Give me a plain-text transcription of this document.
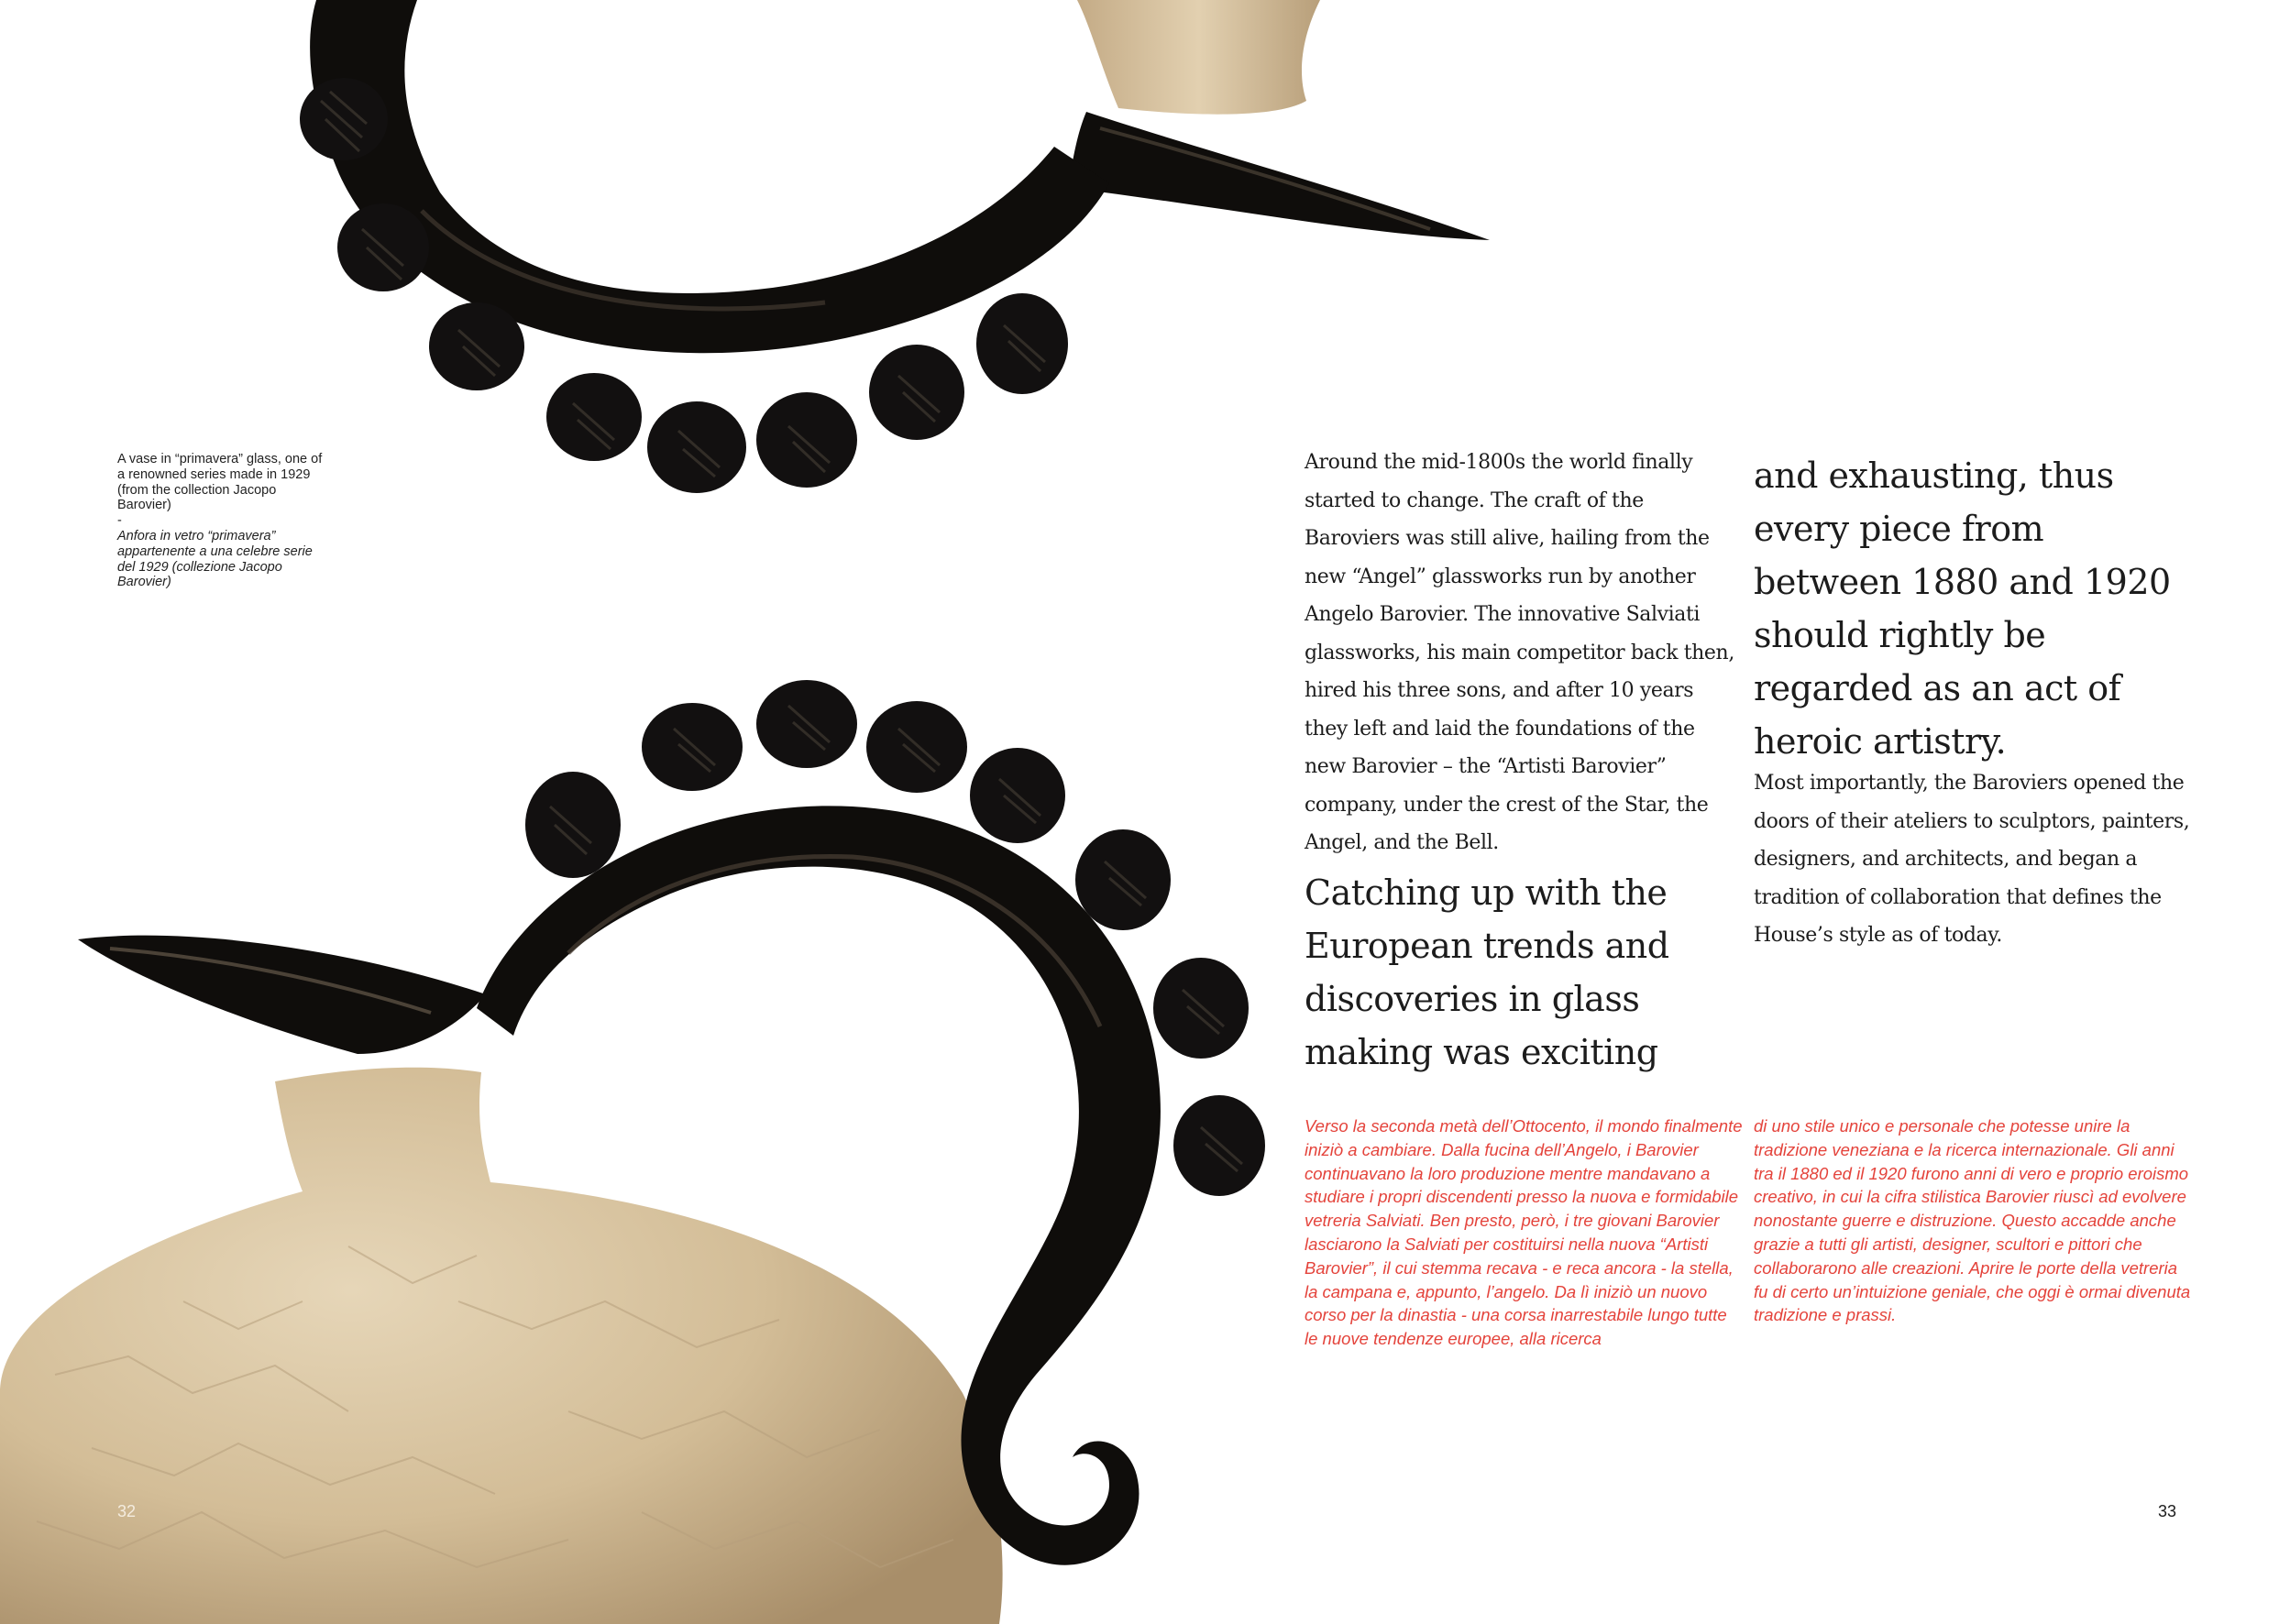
A vase in “primavera” glass, one of a renowned series made in 1929 (from the collection Jacopo Barovier)

-

Anfora in vetro “primavera” appartenente a una celebre serie del 1929 (collezione Jacopo Barovier)

Around the mid-1800s the world finally started to change. The craft of the Baroviers was still alive, hailing from the new “Angel” glassworks run by another Angelo Barovier. The innovative Salviati glassworks, his main competitor back then, hired his three sons, and after 10 years they left and laid the foundations of the new Barovier – the “Artisti Barovier” company, under the crest of the Star, the Angel, and the Bell.

Catching up with the European trends and discoveries in glass making was exciting
and exhausting, thus every piece from between 1880 and 1920 should rightly be regarded as an act of heroic artistry.

Most importantly, the Baroviers opened the doors of their ateliers to sculptors, painters, designers, and architects, and began a tradition of collaboration that defines the House’s style as of today.

Verso la seconda metà dell’Ottocento, il mondo finalmente iniziò a cambiare. Dalla fucina dell’Angelo, i Barovier continuavano la loro produzione mentre mandavano a studiare i propri discendenti presso la nuova e formidabile vetreria Salviati. Ben presto, però, i tre giovani Barovier lasciarono la Salviati per costituirsi nella nuova “Artisti Barovier”, il cui stemma recava - e reca ancora - la stella, la campana e, appunto, l’angelo. Da lì iniziò un nuovo corso per la dinastia - una corsa inarrestabile lungo tutte le nuove tendenze europee, alla ricerca

di uno stile unico e personale che potesse unire la tradizione veneziana e la ricerca internazionale. Gli anni tra il 1880 ed il 1920 furono anni di vero e proprio eroismo creativo, in cui la cifra stilistica Barovier riuscì ad evolvere nonostante guerre e distruzione. Questo accadde anche grazie a tutti gli artisti, designer, scultori e pittori che collaborarono alle creazioni. Aprire le porte della vetreria fu di certo un’intuizione geniale, che oggi è ormai divenuta tradizione e prassi.

32	33
